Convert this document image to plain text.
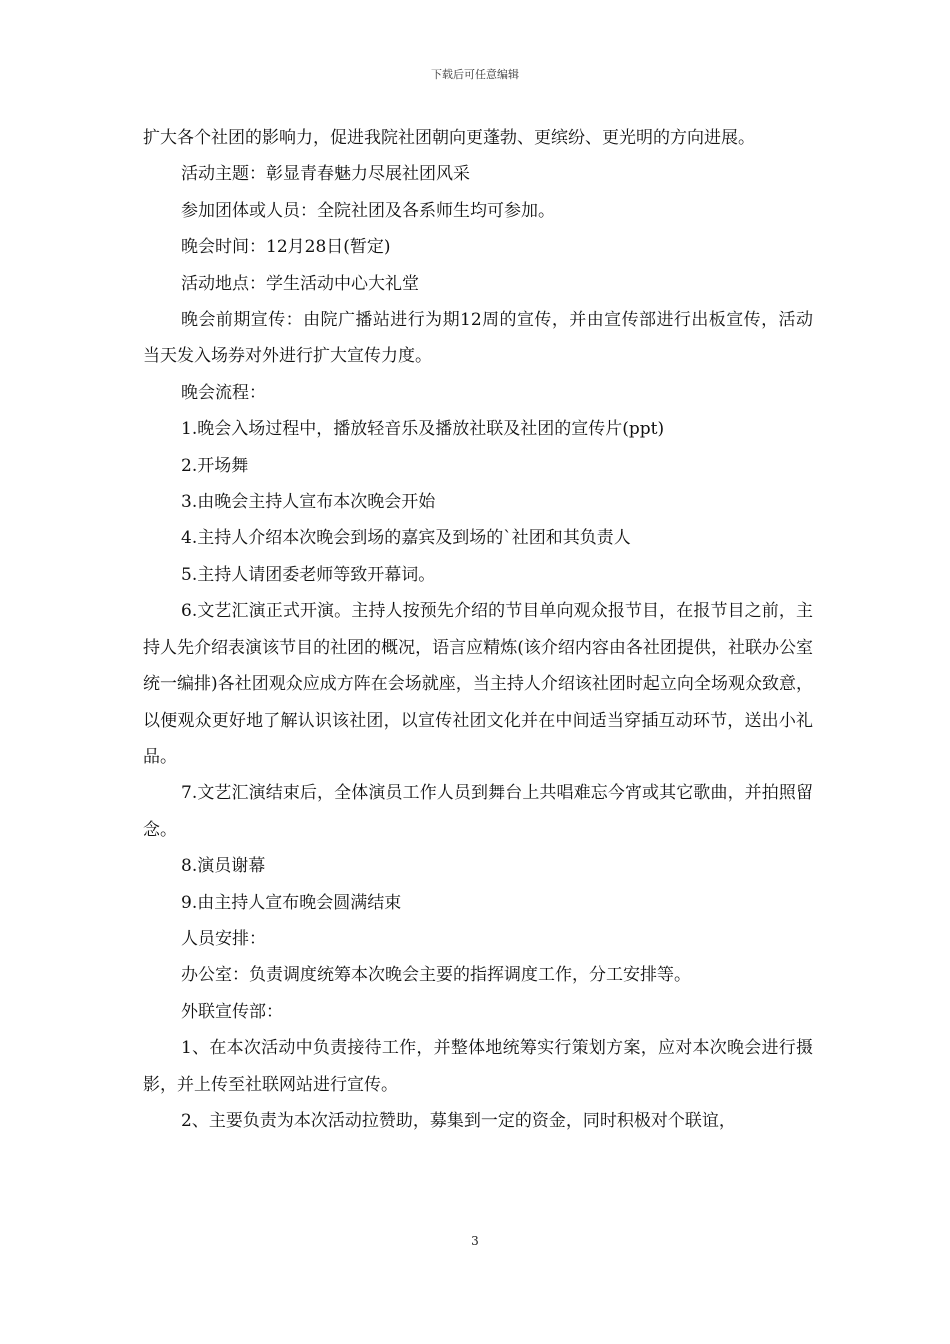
下载后可任意编辑

扩大各个社团的影响力，促进我院社团朝向更蓬勃、更缤纷、更光明的方向进展。

活动主题：彰显青春魅力尽展社团风采

参加团体或人员：全院社团及各系师生均可参加。

晚会时间：12月28日(暂定)

活动地点：学生活动中心大礼堂

晚会前期宣传：由院广播站进行为期12周的宣传，并由宣传部进行出板宣传，活动当天发入场券对外进行扩大宣传力度。

晚会流程：

1.晚会入场过程中，播放轻音乐及播放社联及社团的宣传片(ppt)

2.开场舞

3.由晚会主持人宣布本次晚会开始

4.主持人介绍本次晚会到场的嘉宾及到场的`社团和其负责人

5.主持人请团委老师等致开幕词。

6.文艺汇演正式开演。主持人按预先介绍的节目单向观众报节目，在报节目之前，主持人先介绍表演该节目的社团的概况，语言应精炼(该介绍内容由各社团提供，社联办公室统一编排)各社团观众应成方阵在会场就座，当主持人介绍该社团时起立向全场观众致意，以便观众更好地了解认识该社团，以宣传社团文化并在中间适当穿插互动环节，送出小礼品。

7.文艺汇演结束后，全体演员工作人员到舞台上共唱难忘今宵或其它歌曲，并拍照留念。

8.演员谢幕

9.由主持人宣布晚会圆满结束

人员安排：

办公室：负责调度统筹本次晚会主要的指挥调度工作，分工安排等。

外联宣传部：

1、在本次活动中负责接待工作，并整体地统筹实行策划方案，应对本次晚会进行摄影，并上传至社联网站进行宣传。

2、主要负责为本次活动拉赞助，募集到一定的资金，同时积极对个联谊，

3
